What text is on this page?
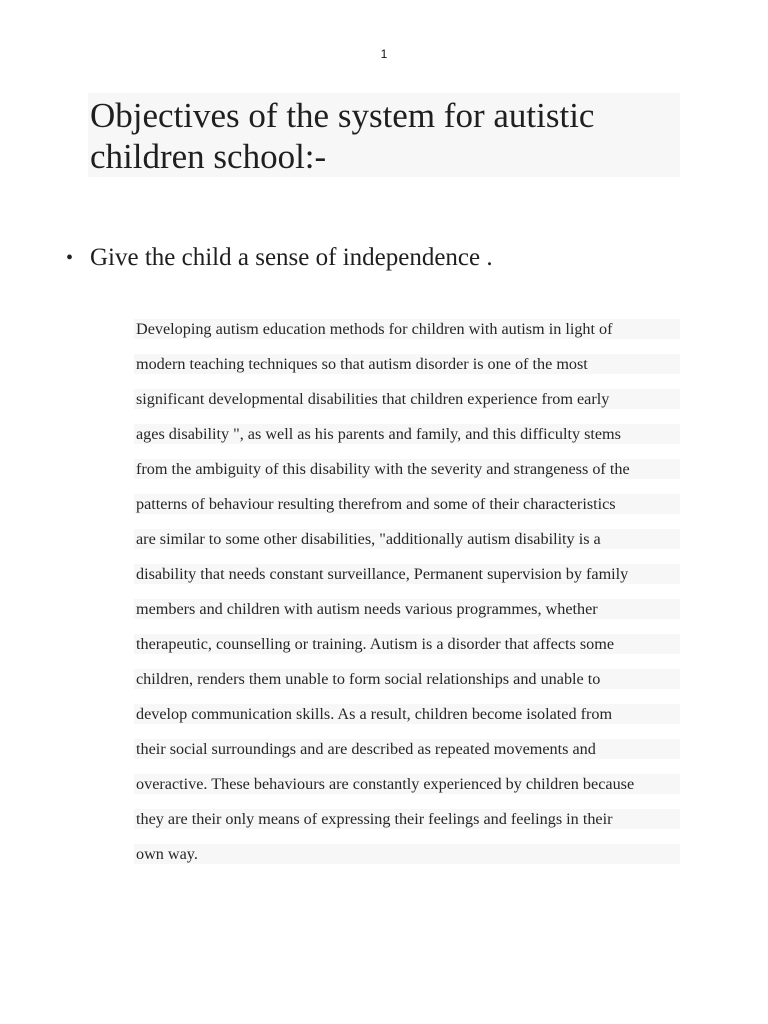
1
Objectives of the system for autistic children school:-
• Give the child a sense of independence .
Developing autism education methods for children with autism in light of
modern teaching techniques so that autism disorder is one of the most
significant developmental disabilities that children experience from early
ages disability ", as well as his parents and family, and this difficulty stems
from the ambiguity of this disability with the severity and strangeness of the
patterns of behaviour resulting therefrom and some of their characteristics
are similar to some other disabilities, "additionally autism disability is a
disability that needs constant surveillance, Permanent supervision by family
members and children with autism needs various programmes, whether
therapeutic, counselling or training. Autism is a disorder that affects some
children, renders them unable to form social relationships and unable to
develop communication skills. As a result, children become isolated from
their social surroundings and are described as repeated movements and
overactive. These behaviours are constantly experienced by children because
they are their only means of expressing their feelings and feelings in their
own way.
